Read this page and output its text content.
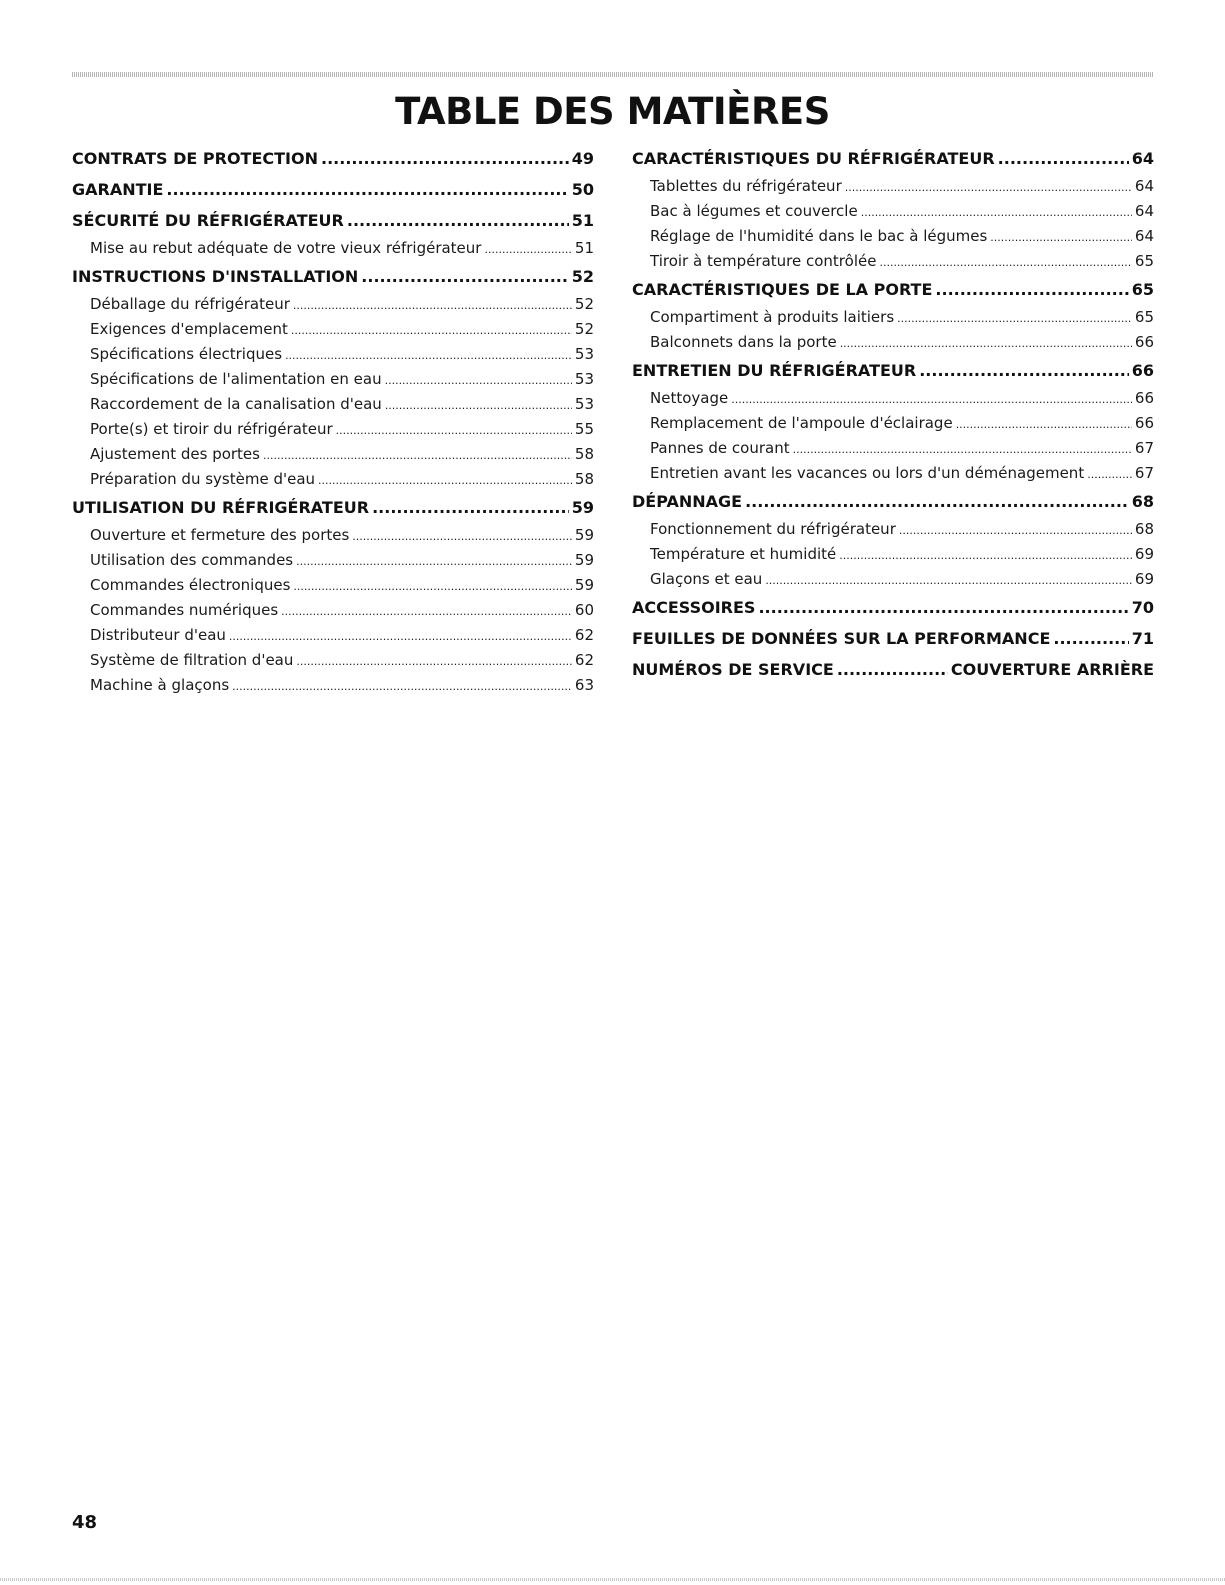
TABLE DES MATIÈRES
CONTRATS DE PROTECTION .....	49
GARANTIE .....	50
SÉCURITÉ DU RÉFRIGÉRATEUR .....	51
Mise au rebut adéquate de votre vieux réfrigérateur .....	51
INSTRUCTIONS D'INSTALLATION .....	52
Déballage du réfrigérateur .....	52
Exigences d'emplacement .....	52
Spécifications électriques .....	53
Spécifications de l'alimentation en eau .....	53
Raccordement de la canalisation d'eau .....	53
Porte(s) et tiroir du réfrigérateur .....	55
Ajustement des portes .....	58
Préparation du système d'eau .....	58
UTILISATION DU RÉFRIGÉRATEUR .....	59
Ouverture et fermeture des portes .....	59
Utilisation des commandes .....	59
Commandes électroniques .....	59
Commandes numériques .....	60
Distributeur d'eau .....	62
Système de filtration d'eau .....	62
Machine à glaçons .....	63
CARACTÉRISTIQUES DU RÉFRIGÉRATEUR .....	64
Tablettes du réfrigérateur .....	64
Bac à légumes et couvercle .....	64
Réglage de l'humidité dans le bac à légumes .....	64
Tiroir à température contrôlée .....	65
CARACTÉRISTIQUES DE LA PORTE .....	65
Compartiment à produits laitiers .....	65
Balconnets dans la porte .....	66
ENTRETIEN DU RÉFRIGÉRATEUR .....	66
Nettoyage .....	66
Remplacement de l'ampoule d'éclairage .....	66
Pannes de courant .....	67
Entretien avant les vacances ou lors d'un déménagement .....	67
DÉPANNAGE .....	68
Fonctionnement du réfrigérateur .....	68
Température et humidité .....	69
Glaçons et eau .....	69
ACCESSOIRES .....	70
FEUILLES DE DONNÉES SUR LA PERFORMANCE .....	71
NUMÉROS DE SERVICE .....	COUVERTURE ARRIÈRE
48
